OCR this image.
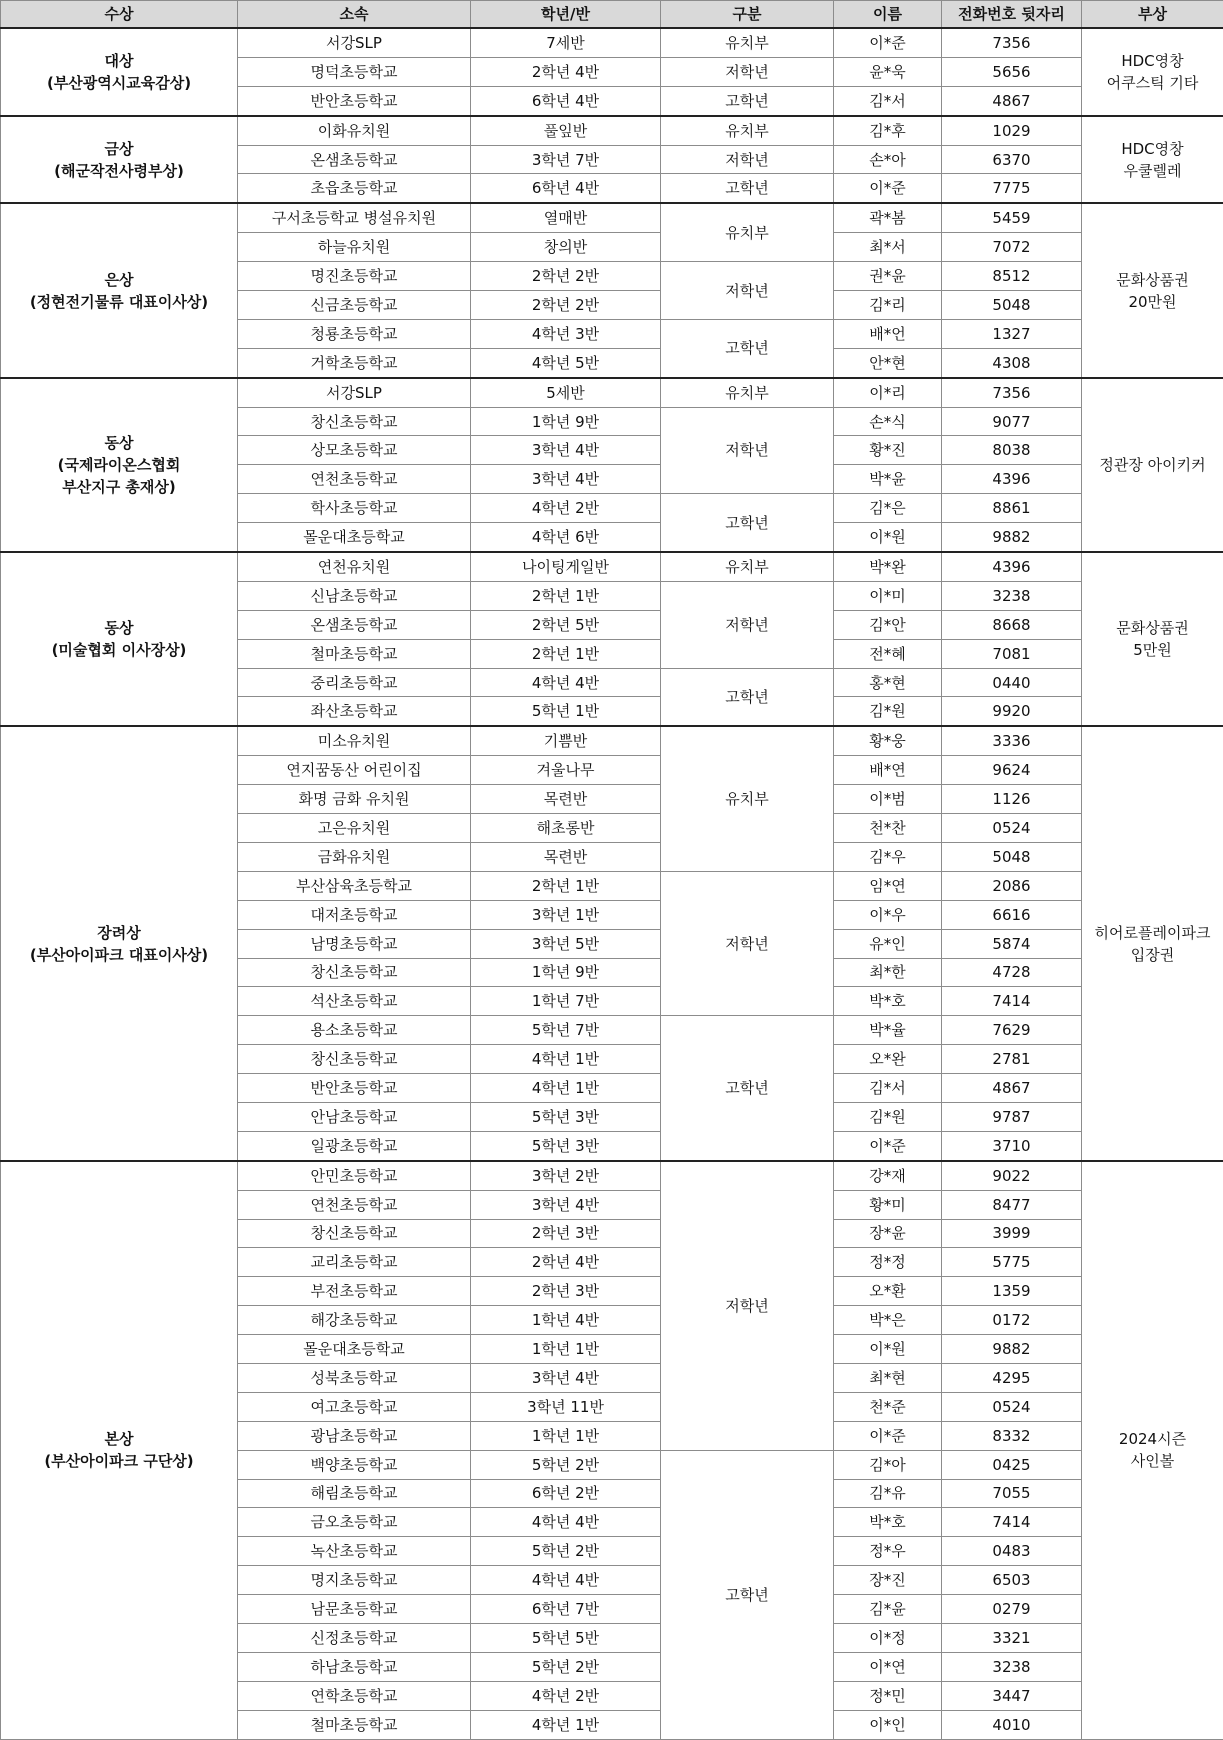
수상	소속	학년/반	구분	이름	전화번호 뒷자리	부상

대상
(부산광역시교육감상)	서강SLP	7세반	유치부	이*준	7356	HDC영창
어쿠스틱 기타

	명덕초등학교	2학년 4반	저학년	윤*욱	5656	
	반안초등학교	6학년 4반	고학년	김*서	4867	

금상
(해군작전사령부상)	이화유치원	풀잎반	유치부	김*후	1029	HDC영창
우쿨렐레

	온샘초등학교	3학년 7반	저학년	손*아	6370	
	초읍초등학교	6학년 4반	고학년	이*준	7775	

은상
(정현전기물류 대표이사상)	구서초등학교 병설유치원	열매반	유치부	곽*봄	5459	문화상품권
20만원

	하늘유치원	창의반		최*서	7072	
	명진초등학교	2학년 2반	저학년	권*윤	8512	
	신금초등학교	2학년 2반		김*리	5048	
	청룡초등학교	4학년 3반	고학년	배*언	1327	
	거학초등학교	4학년 5반		안*현	4308	

동상
(국제라이온스협회
부산지구 총재상)	서강SLP	5세반	유치부	이*리	7356	정관장 아이키커

	창신초등학교	1학년 9반	저학년	손*식	9077	
	상모초등학교	3학년 4반		황*진	8038	
	연천초등학교	3학년 4반		박*윤	4396	
	학사초등학교	4학년 2반	고학년	김*은	8861	
	몰운대초등학교	4학년 6반		이*원	9882	

동상
(미술협회 이사장상)	연천유치원	나이팅게일반	유치부	박*완	4396	문화상품권
5만원

	신남초등학교	2학년 1반	저학년	이*미	3238	
	온샘초등학교	2학년 5반		김*안	8668	
	철마초등학교	2학년 1반		전*혜	7081	
	중리초등학교	4학년 4반	고학년	홍*현	0440	
	좌산초등학교	5학년 1반		김*원	9920	

장려상
(부산아이파크 대표이사상)	미소유치원	기쁨반	유치부	황*웅	3336	히어로플레이파크
입장권

	연지꿈동산 어린이집	겨울나무		배*연	9624	
	화명 금화 유치원	목련반		이*범	1126	
	고은유치원	해초롱반		천*찬	0524	
	금화유치원	목련반		김*우	5048	
	부산삼육초등학교	2학년 1반	저학년	임*연	2086	
	대저초등학교	3학년 1반		이*우	6616	
	남명초등학교	3학년 5반		유*인	5874	
	창신초등학교	1학년 9반		최*한	4728	
	석산초등학교	1학년 7반		박*호	7414	
	용소초등학교	5학년 7반	고학년	박*율	7629	
	창신초등학교	4학년 1반		오*완	2781	
	반안초등학교	4학년 1반		김*서	4867	
	안남초등학교	5학년 3반		김*원	9787	
	일광초등학교	5학년 3반		이*준	3710	

본상
(부산아이파크 구단상)	안민초등학교	3학년 2반	저학년	강*재	9022	2024시즌
사인볼

	연천초등학교	3학년 4반		황*미	8477	
	창신초등학교	2학년 3반		장*윤	3999	
	교리초등학교	2학년 4반		정*정	5775	
	부전초등학교	2학년 3반		오*환	1359	
	해강초등학교	1학년 4반		박*은	0172	
	몰운대초등학교	1학년 1반		이*원	9882	
	성북초등학교	3학년 4반		최*현	4295	
	여고초등학교	3학년 11반		천*준	0524	
	광남초등학교	1학년 1반		이*준	8332	
	백양초등학교	5학년 2반	고학년	김*아	0425	
	해림초등학교	6학년 2반		김*유	7055	
	금오초등학교	4학년 4반		박*호	7414	
	녹산초등학교	5학년 2반		정*우	0483	
	명지초등학교	4학년 4반		장*진	6503	
	남문초등학교	6학년 7반		김*윤	0279	
	신정초등학교	5학년 5반		이*정	3321	
	하남초등학교	5학년 2반		이*연	3238	
	연학초등학교	4학년 2반		정*민	3447	
	철마초등학교	4학년 1반		이*인	4010	
